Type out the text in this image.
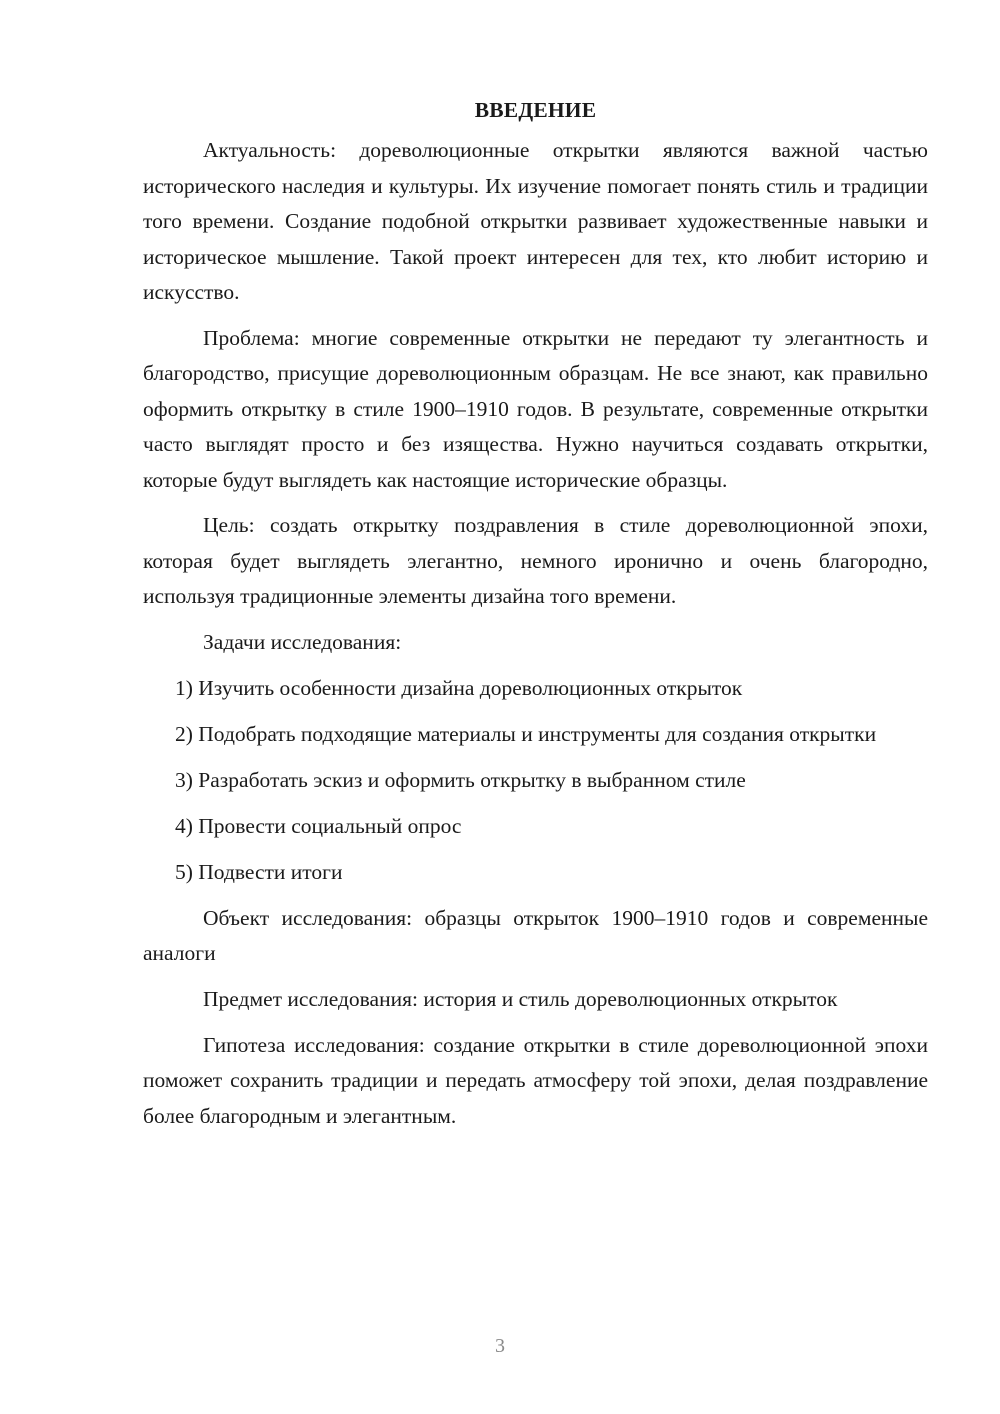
ВВЕДЕНИЕ

Актуальность: дореволюционные открытки являются важной частью исторического наследия и культуры. Их изучение помогает понять стиль и традиции того времени. Создание подобной открытки развивает художественные навыки и историческое мышление. Такой проект интересен для тех, кто любит историю и искусство.

Проблема: многие современные открытки не передают ту элегантность и благородство, присущие дореволюционным образцам. Не все знают, как правильно оформить открытку в стиле 1900–1910 годов. В результате, современные открытки часто выглядят просто и без изящества. Нужно научиться создавать открытки, которые будут выглядеть как настоящие исторические образцы.

Цель: создать открытку поздравления в стиле дореволюционной эпохи, которая будет выглядеть элегантно, немного иронично и очень благородно, используя традиционные элементы дизайна того времени.

Задачи исследования:

1) Изучить особенности дизайна дореволюционных открыток
2) Подобрать подходящие материалы и инструменты для создания открытки
3) Разработать эскиз и оформить открытку в выбранном стиле
4) Провести социальный опрос
5) Подвести итоги

Объект исследования: образцы открыток 1900–1910 годов и современные аналоги

Предмет исследования: история и стиль дореволюционных открыток

Гипотеза исследования: создание открытки в стиле дореволюционной эпохи поможет сохранить традиции и передать атмосферу той эпохи, делая поздравление более благородным и элегантным.

3
